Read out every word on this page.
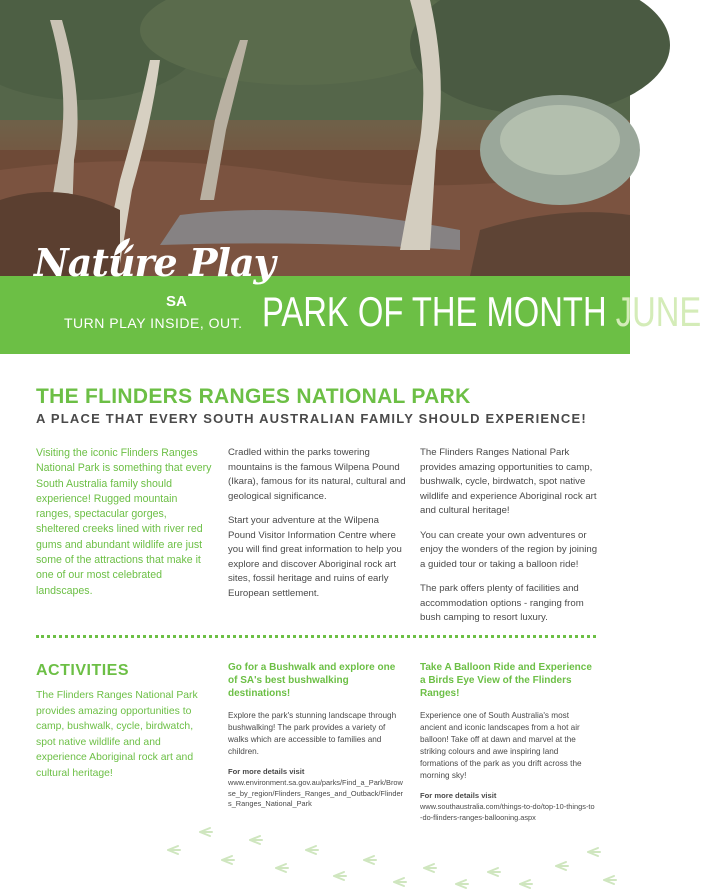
Nature Play
SA
TURN PLAY INSIDE, OUT. PARK OF THE MONTH JUNE
THE FLINDERS RANGES NATIONAL PARK
A PLACE THAT EVERY SOUTH AUSTRALIAN FAMILY SHOULD EXPERIENCE!

Visiting the iconic Flinders Ranges National Park is something that every South Australia family should experience! Rugged mountain ranges, spectacular gorges, sheltered creeks lined with river red gums and abundant wildlife are just some of the attractions that make it one of our most celebrated landscapes.

Cradled within the parks towering mountains is the famous Wilpena Pound (Ikara), famous for its natural, cultural and geological significance.

Start your adventure at the Wilpena Pound Visitor Information Centre where you will find great information to help you explore and discover Aboriginal rock art sites, fossil heritage and ruins of early European settlement.

The Flinders Ranges National Park provides amazing opportunities to camp, bushwalk, cycle, birdwatch, spot native wildlife and experience Aboriginal rock art and cultural heritage!

You can create your own adventures or enjoy the wonders of the region by joining a guided tour or taking a balloon ride!

The park offers plenty of facilities and accommodation options - ranging from bush camping to resort luxury.

ACTIVITIES
The Flinders Ranges National Park provides amazing opportunities to camp, bushwalk, cycle, birdwatch, spot native wildlife and and experience Aboriginal rock art and cultural heritage!
Go for a Bushwalk and explore one of SA's best bushwalking destinations!
Explore the park's stunning landscape through bushwalking! The park provides a variety of walks which are accessible to families and children.
For more details visit
www.environment.sa.gov.au/parks/Find_a_Park/Browse_by_region/Flinders_Ranges_and_Outback/Flinders_Ranges_National_Park
Take A Balloon Ride and Experience a Birds Eye View of the Flinders Ranges!
Experience one of South Australia's most ancient and iconic landscapes from a hot air balloon! Take off at dawn and marvel at the striking colours and awe inspiring land formations of the park as you drift across the morning sky!
For more details visit
www.southaustralia.com/things-to-do/top-10-things-to-do-flinders-ranges-ballooning.aspx
